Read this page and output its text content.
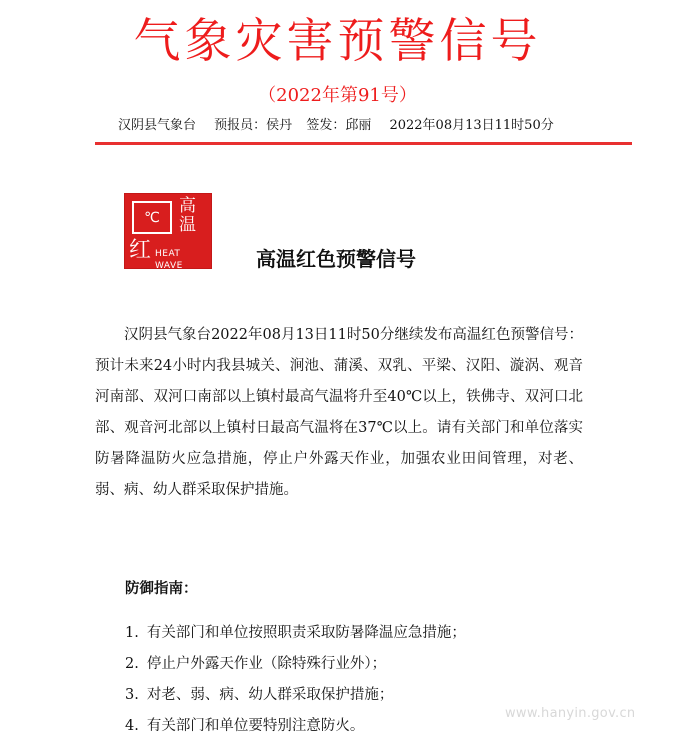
气象灾害预警信号
（2022年第91号）
汉阴县气象台 预报员：侯丹 签发：邱丽 2022年08月13日11时50分
℃
高
温
红 HEAT WAVE	高温红色预警信号

汉阴县气象台2022年08月13日11时50分继续发布高温红色预警信号：预计未来24小时内我县城关、涧池、蒲溪、双乳、平梁、汉阳、漩涡、观音河南部、双河口南部以上镇村最高气温将升至40℃以上，铁佛寺、双河口北部、观音河北部以上镇村日最高气温将在37℃以上。请有关部门和单位落实防暑降温防火应急措施，停止户外露天作业，加强农业田间管理，对老、弱、病、幼人群采取保护措施。

防御指南：
1. 有关部门和单位按照职责采取防暑降温应急措施；
2. 停止户外露天作业（除特殊行业外）；
3. 对老、弱、病、幼人群采取保护措施；
4. 有关部门和单位要特别注意防火。
www.hanyin.gov.cn
